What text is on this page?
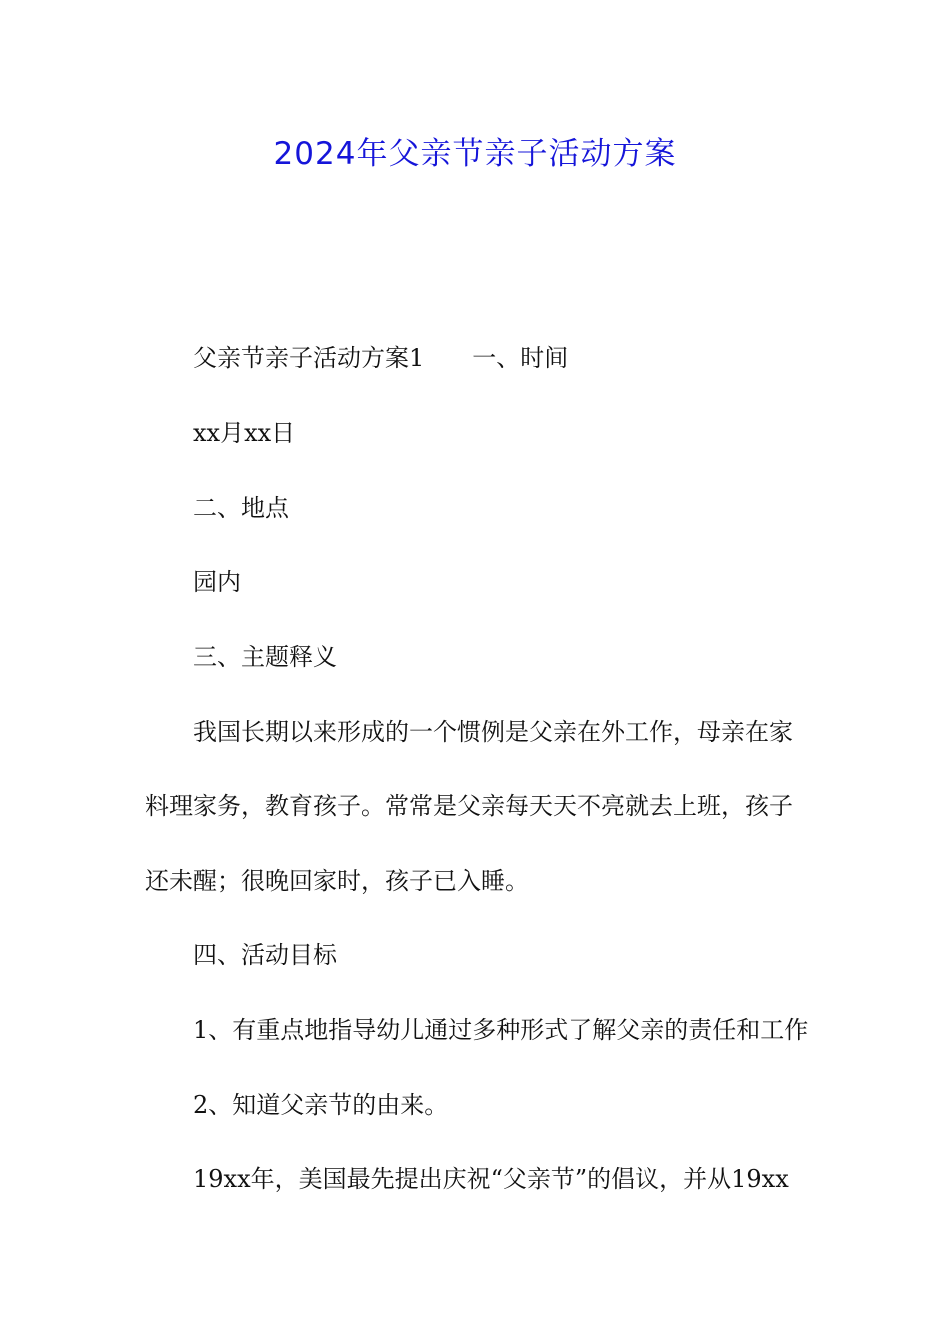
2024年父亲节亲子活动方案

父亲节亲子活动方案1 一、时间

xx月xx日

二、地点

园内

三、主题释义

我国长期以来形成的一个惯例是父亲在外工作，母亲在家

料理家务，教育孩子。常常是父亲每天天不亮就去上班，孩子

还未醒；很晚回家时，孩子已入睡。

四、活动目标

1、有重点地指导幼儿通过多种形式了解父亲的责任和工作

2、知道父亲节的由来。

19xx年，美国最先提出庆祝“父亲节”的倡议，并从19xx
